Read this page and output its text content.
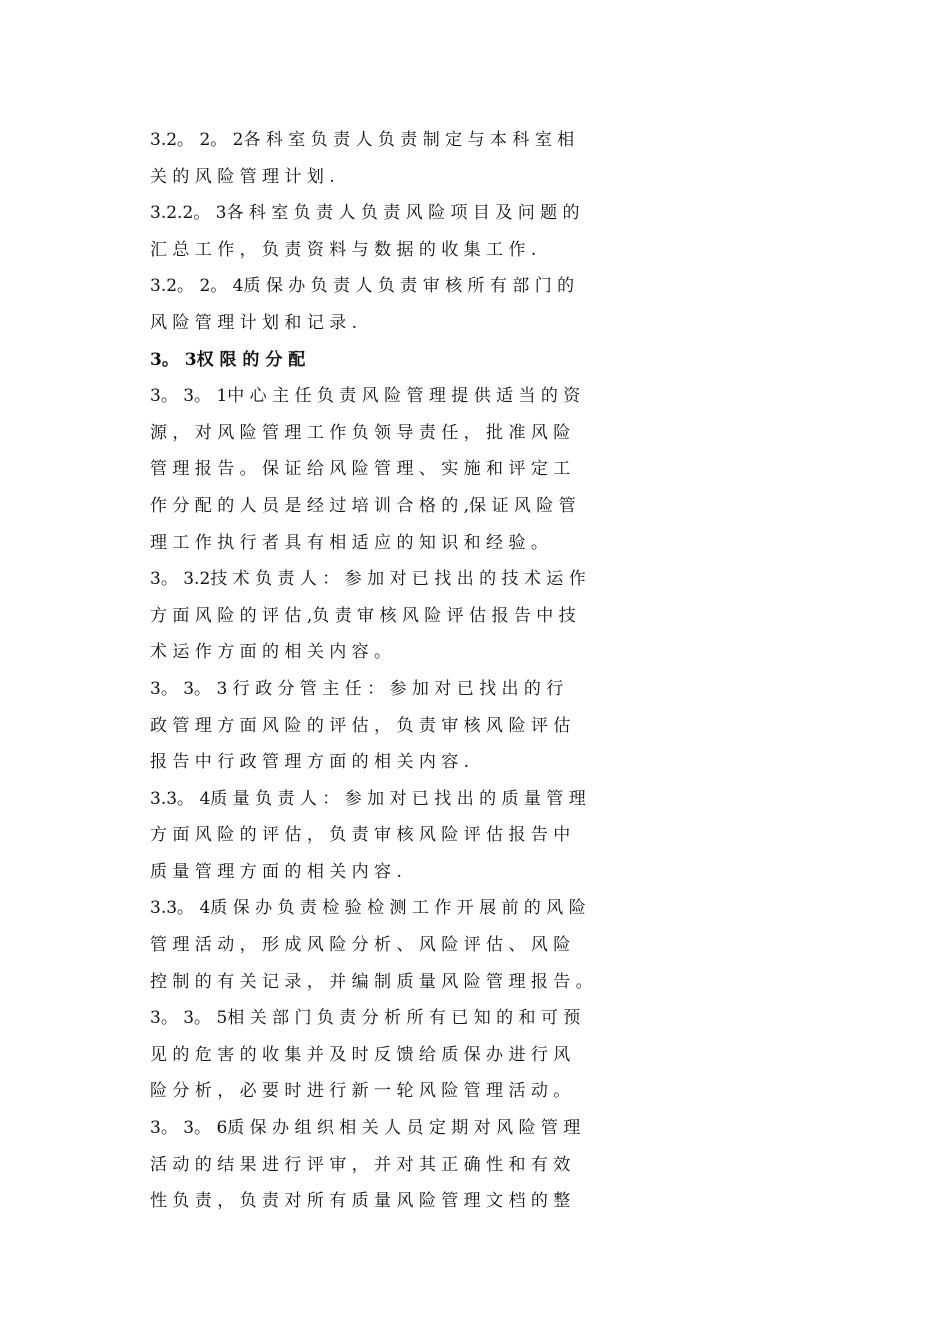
3.2。 2。 2各 科 室 负 责 人 负 责 制 定 与 本 科 室 相
关 的 风 险 管 理 计 划 .
3.2.2。 3各 科 室 负 责 人 负 责 风 险 项 目 及 问 题 的
汇 总 工 作 ， 负 责 资 料 与 数 据 的 收 集 工 作 .
3.2。 2。 4质 保 办 负 责 人 负 责 审 核 所 有 部 门 的
风 险 管 理 计 划 和 记 录 .
3。 3权 限 的 分 配
3。 3。 1中 心 主 任 负 责 风 险 管 理 提 供 适 当 的 资
源 ， 对 风 险 管 理 工 作 负 领 导 责 任 ， 批 准 风 险
管 理 报 告 。 保 证 给 风 险 管 理 、 实 施 和 评 定 工
作 分 配 的 人 员 是 经 过 培 训 合 格 的 ,保 证 风 险 管
理 工 作 执 行 者 具 有 相 适 应 的 知 识 和 经 验 。
3。 3.2技 术 负 责 人 ： 参 加 对 已 找 出 的 技 术 运 作
方 面 风 险 的 评 估 ,负 责 审 核 风 险 评 估 报 告 中 技
术 运 作 方 面 的 相 关 内 容 。
3。 3。 3 行 政 分 管 主 任 ： 参 加 对 已 找 出 的 行
政 管 理 方 面 风 险 的 评 估 ， 负 责 审 核 风 险 评 估
报 告 中 行 政 管 理 方 面 的 相 关 内 容 .
3.3。 4质 量 负 责 人 ： 参 加 对 已 找 出 的 质 量 管 理
方 面 风 险 的 评 估 ， 负 责 审 核 风 险 评 估 报 告 中
质 量 管 理 方 面 的 相 关 内 容 .
3.3。 4质 保 办 负 责 检 验 检 测 工 作 开 展 前 的 风 险
管 理 活 动 ， 形 成 风 险 分 析 、 风 险 评 估 、 风 险
控 制 的 有 关 记 录 ， 并 编 制 质 量 风 险 管 理 报 告 。
3。 3。 5相 关 部 门 负 责 分 析 所 有 已 知 的 和 可 预
见 的 危 害 的 收 集 并 及 时 反 馈 给 质 保 办 进 行 风
险 分 析 ， 必 要 时 进 行 新 一 轮 风 险 管 理 活 动 。
3。 3。 6质 保 办 组 织 相 关 人 员 定 期 对 风 险 管 理
活 动 的 结 果 进 行 评 审 ， 并 对 其 正 确 性 和 有 效
性 负 责 ， 负 责 对 所 有 质 量 风 险 管 理 文 档 的 整
